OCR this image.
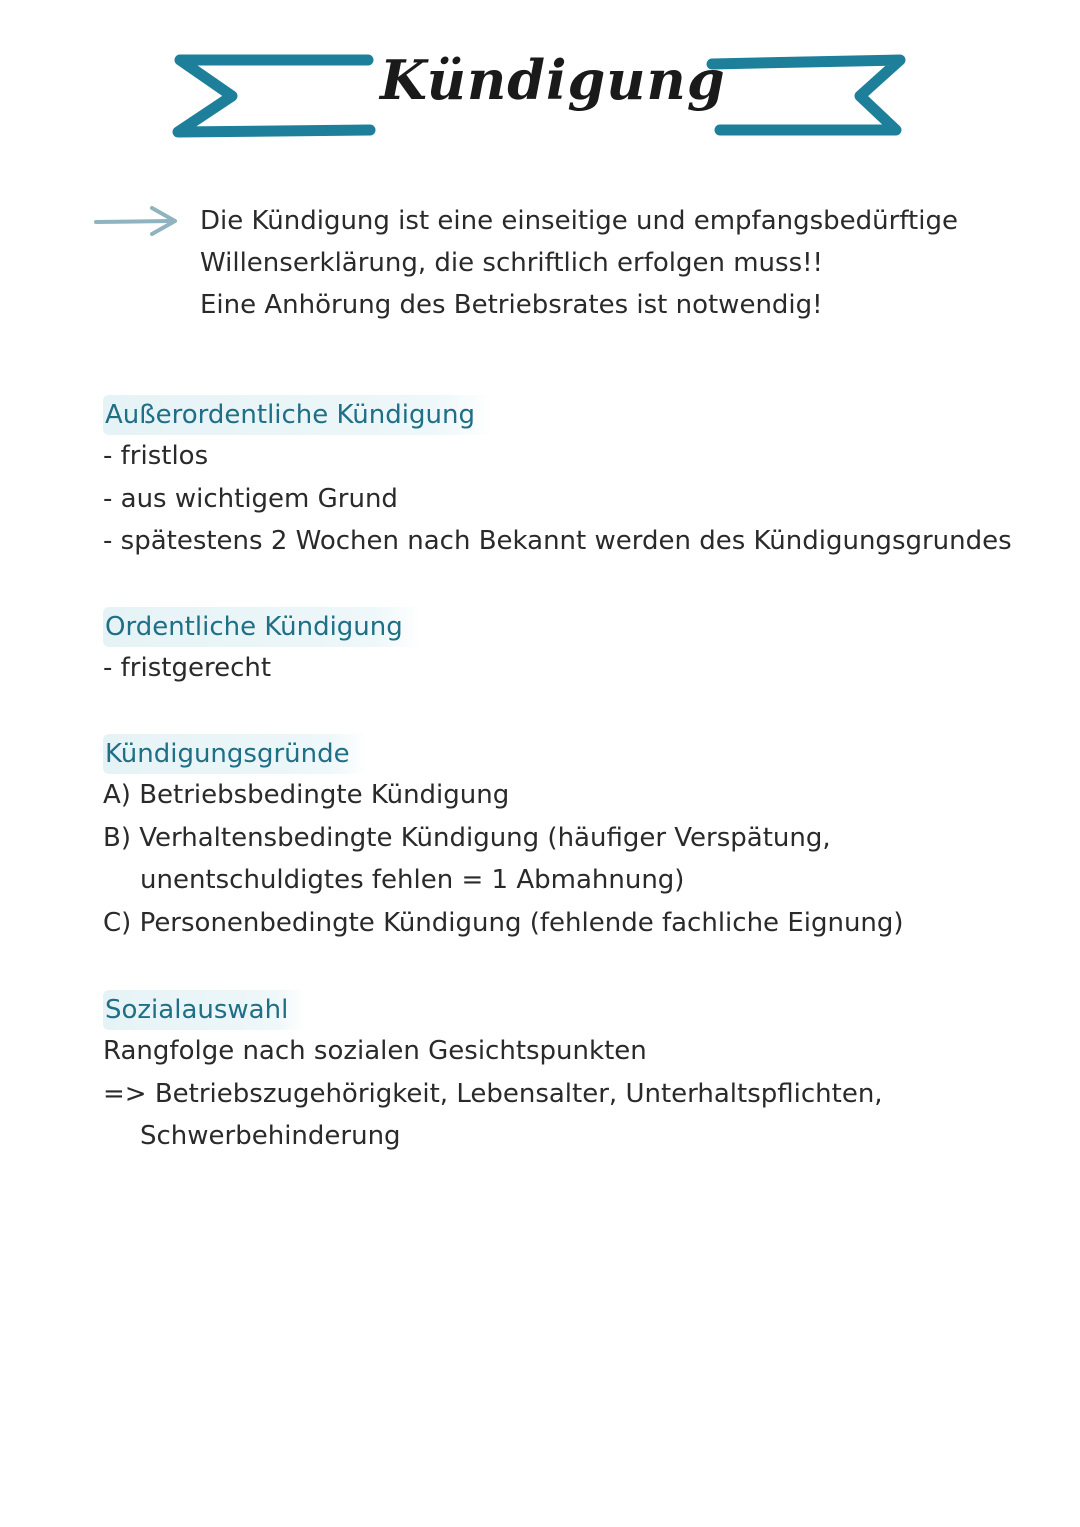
Kündigung
Die Kündigung ist eine einseitige und empfangsbedürftige
Willenserklärung, die schriftlich erfolgen muss!!
Eine Anhörung des Betriebsrates ist notwendig!
Außerordentliche Kündigung
- fristlos
- aus wichtigem Grund
- spätestens 2 Wochen nach Bekannt werden des Kündigungsgrundes
Ordentliche Kündigung
- fristgerecht
Kündigungsgründe
A) Betriebsbedingte Kündigung
B) Verhaltensbedingte Kündigung (häufiger Verspätung,
unentschuldigtes fehlen = 1 Abmahnung)
C) Personenbedingte Kündigung (fehlende fachliche Eignung)
Sozialauswahl
Rangfolge nach sozialen Gesichtspunkten
=> Betriebszugehörigkeit, Lebensalter, Unterhaltspflichten,
Schwerbehinderung
